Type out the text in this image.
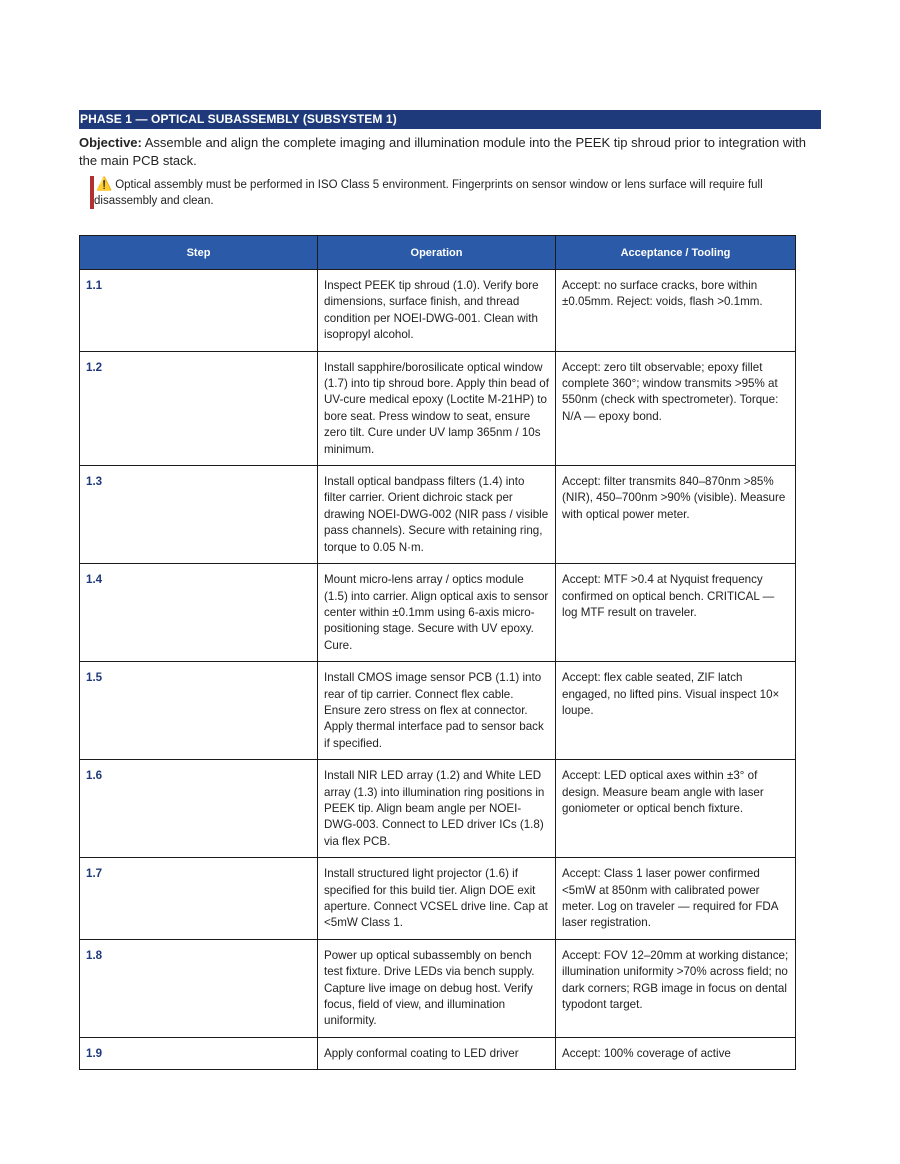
PHASE 1 — OPTICAL SUBASSEMBLY (SUBSYSTEM 1)
Objective: Assemble and align the complete imaging and illumination module into the PEEK tip shroud prior to integration with the main PCB stack.
⚠️ Optical assembly must be performed in ISO Class 5 environment. Fingerprints on sensor window or lens surface will require full disassembly and clean.
Step	Operation	Acceptance / Tooling
1.1	Inspect PEEK tip shroud (1.0). Verify bore dimensions, surface finish, and thread condition per NOEI-DWG-001. Clean with isopropyl alcohol.	Accept: no surface cracks, bore within ±0.05mm. Reject: voids, flash >0.1mm.
1.2	Install sapphire/borosilicate optical window (1.7) into tip shroud bore. Apply thin bead of UV-cure medical epoxy (Loctite M-21HP) to bore seat. Press window to seat, ensure zero tilt. Cure under UV lamp 365nm / 10s minimum.	Accept: zero tilt observable; epoxy fillet complete 360°; window transmits >95% at 550nm (check with spectrometer). Torque: N/A — epoxy bond.
1.3	Install optical bandpass filters (1.4) into filter carrier. Orient dichroic stack per drawing NOEI-DWG-002 (NIR pass / visible pass channels). Secure with retaining ring, torque to 0.05 N·m.	Accept: filter transmits 840–870nm >85% (NIR), 450–700nm >90% (visible). Measure with optical power meter.
1.4	Mount micro-lens array / optics module (1.5) into carrier. Align optical axis to sensor center within ±0.1mm using 6-axis micro-positioning stage. Secure with UV epoxy. Cure.	Accept: MTF >0.4 at Nyquist frequency confirmed on optical bench. CRITICAL — log MTF result on traveler.
1.5	Install CMOS image sensor PCB (1.1) into rear of tip carrier. Connect flex cable. Ensure zero stress on flex at connector. Apply thermal interface pad to sensor back if specified.	Accept: flex cable seated, ZIF latch engaged, no lifted pins. Visual inspect 10× loupe.
1.6	Install NIR LED array (1.2) and White LED array (1.3) into illumination ring positions in PEEK tip. Align beam angle per NOEI-DWG-003. Connect to LED driver ICs (1.8) via flex PCB.	Accept: LED optical axes within ±3° of design. Measure beam angle with laser goniometer or optical bench fixture.
1.7	Install structured light projector (1.6) if specified for this build tier. Align DOE exit aperture. Connect VCSEL drive line. Cap at <5mW Class 1.	Accept: Class 1 laser power confirmed <5mW at 850nm with calibrated power meter. Log on traveler — required for FDA laser registration.
1.8	Power up optical subassembly on bench test fixture. Drive LEDs via bench supply. Capture live image on debug host. Verify focus, field of view, and illumination uniformity.	Accept: FOV 12–20mm at working distance; illumination uniformity >70% across field; no dark corners; RGB image in focus on dental typodont target.
1.9	Apply conformal coating to LED driver	Accept: 100% coverage of active
